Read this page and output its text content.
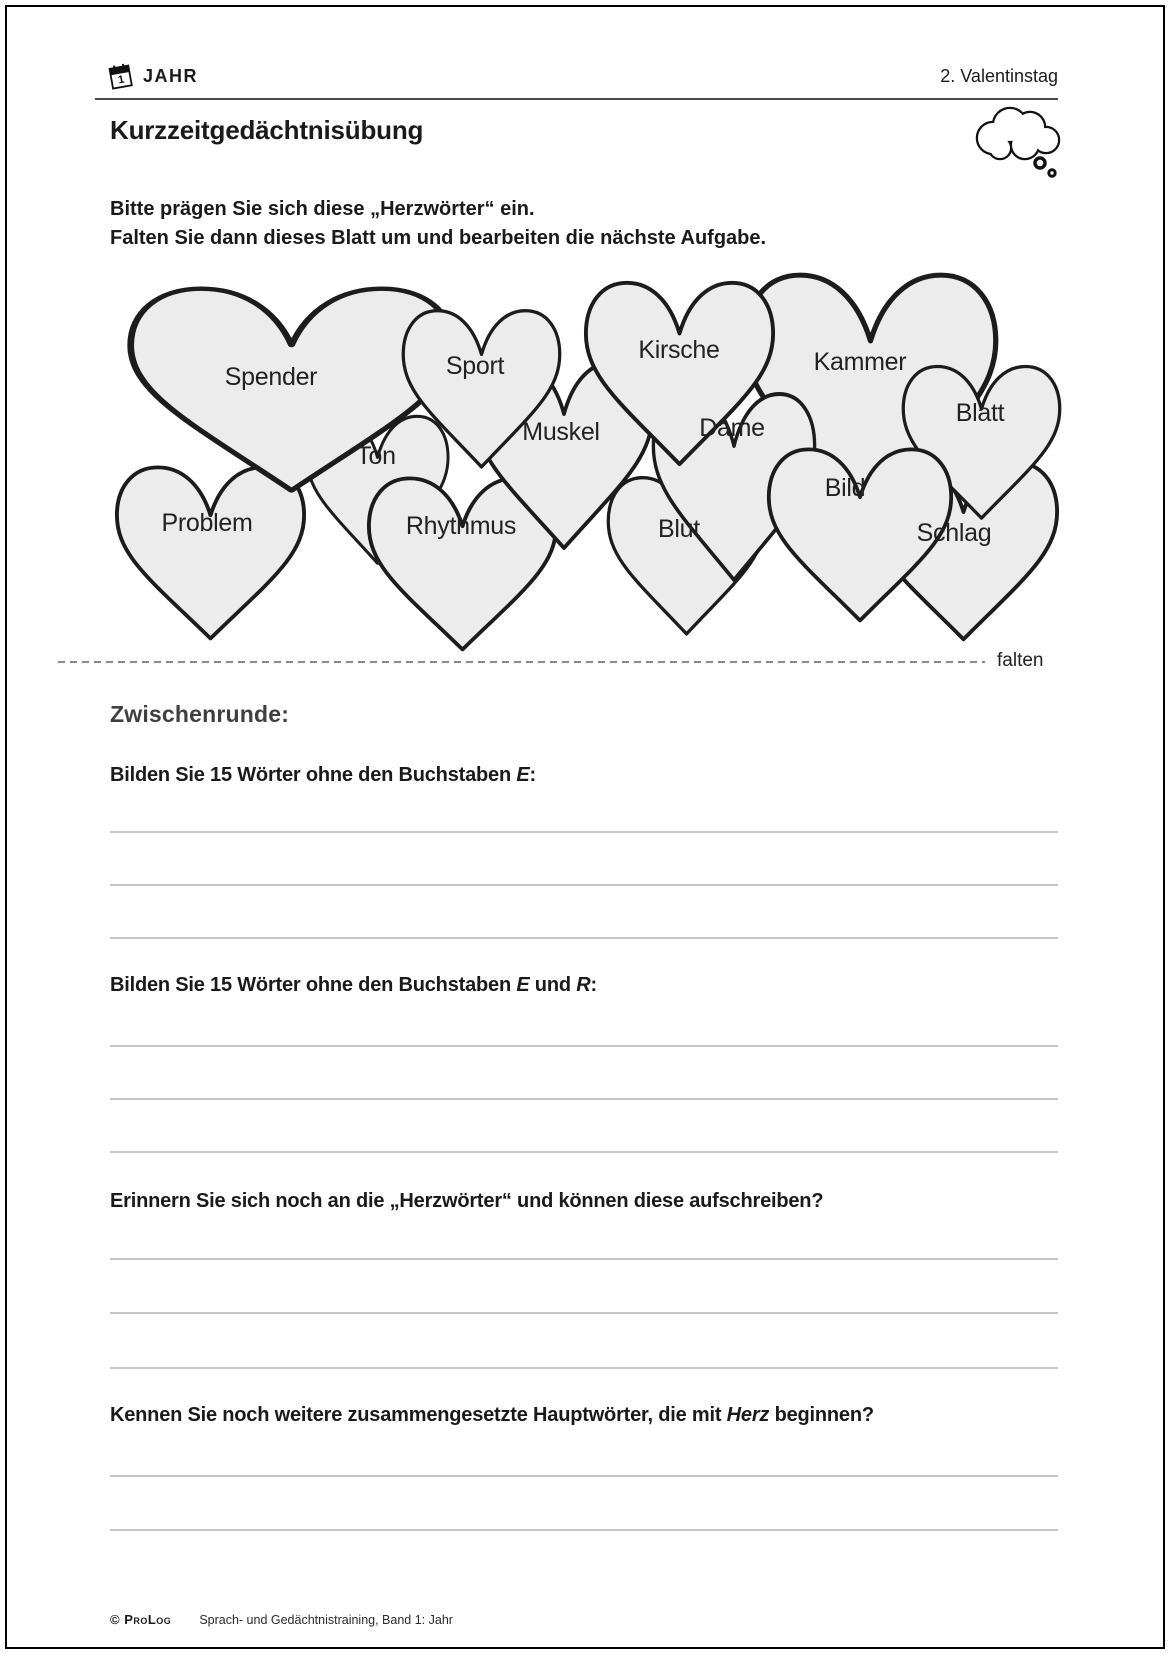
1 JAHR	2. Valentinstag
Kurzzeitgedächtnisübung
Bitte prägen Sie sich diese „Herzwörter“ ein.
Falten Sie dann dieses Blatt um und bearbeiten die nächste Aufgabe.
Spender	Sport
Kirsche	Kammer
Blatt
Muskel	Dame
Ton
Bild
Problem	Rhythmus	Blut	Schlag
falten
Zwischenrunde:
Bilden Sie 15 Wörter ohne den Buchstaben E:
Bilden Sie 15 Wörter ohne den Buchstaben E und R:
Erinnern Sie sich noch an die „Herzwörter“ und können diese aufschreiben?
Kennen Sie noch weitere zusammengesetzte Hauptwörter, die mit Herz beginnen?
© ProLog Sprach- und Gedächtnistraining, Band 1: Jahr
